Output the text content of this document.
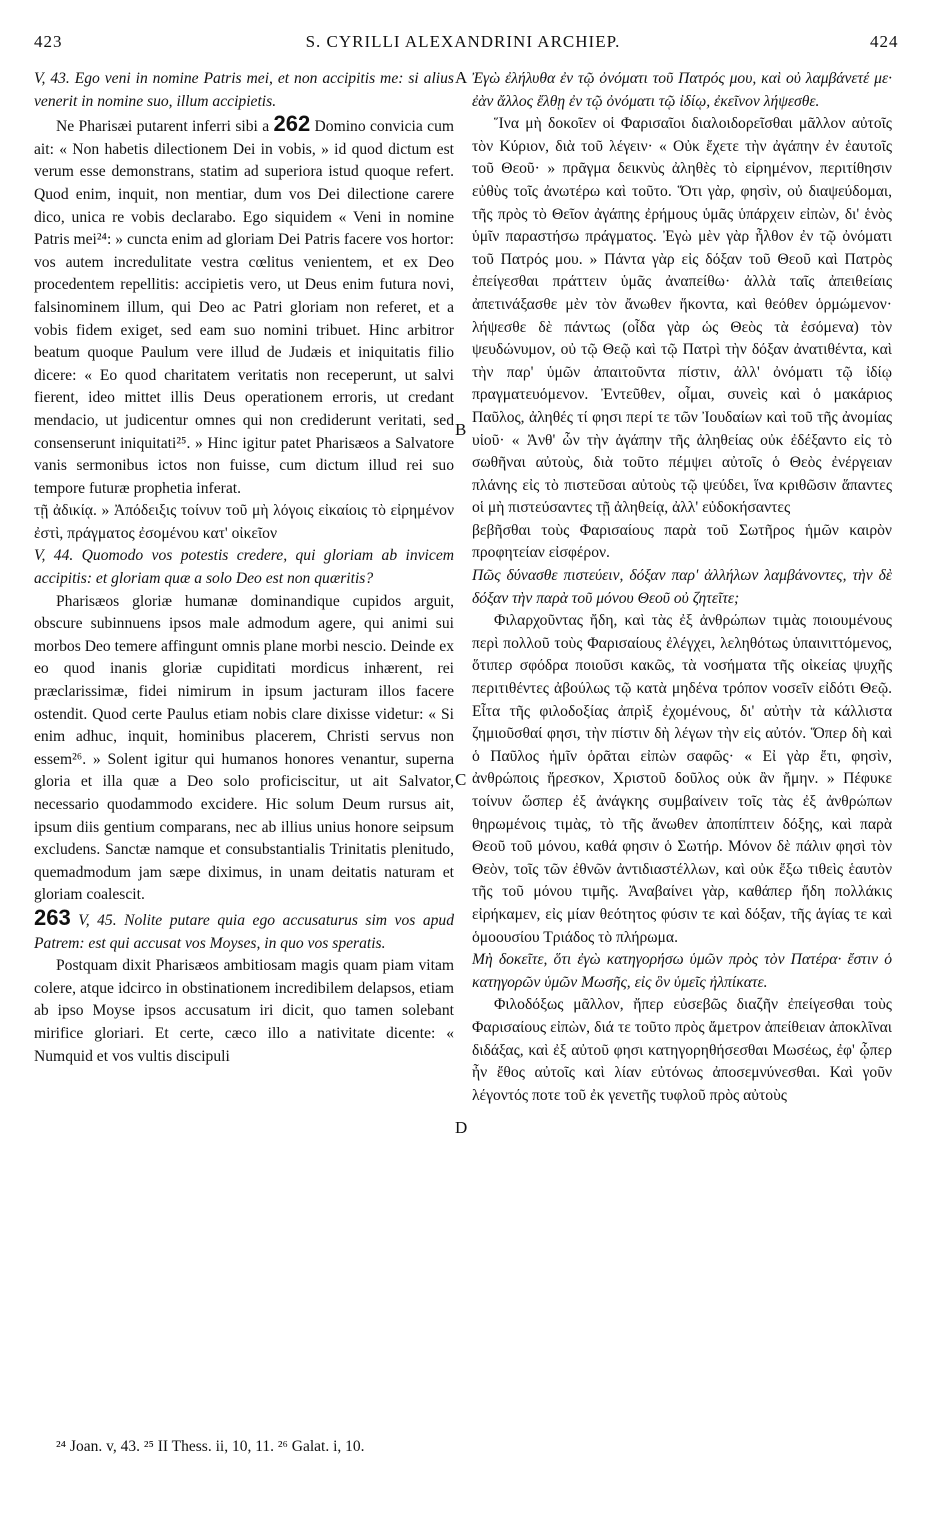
423	S. CYRILLI ALEXANDRINI ARCHIEP.	424
A
B
C
D

V, 43. Ego veni in nomine Patris mei, et non accipitis me: si alius venerit in nomine suo, illum accipietis.

Ne Pharisæi putarent inferri sibi a 262 Domino convicia cum ait: « Non habetis dilectionem Dei in vobis, » id quod dictum est verum esse demonstrans, statim ad superiora istud quoque refert. Quod enim, inquit, non mentiar, dum vos Dei dilectione carere dico, unica re vobis declarabo. Ego siquidem « Veni in nomine Patris mei²⁴: » cuncta enim ad gloriam Dei Patris facere vos hortor: vos autem incredulitate vestra cœlitus venientem, et ex Deo procedentem repellitis: accipietis vero, ut Deus enim futura novi, falsinominem illum, qui Deo ac Patri gloriam non referet, et a vobis fidem exiget, sed eam suo nomini tribuet. Hinc arbitror beatum quoque Paulum vere illud de Judæis et iniquitatis filio dicere: « Eo quod charitatem veritatis non receperunt, ut salvi fierent, ideo mittet illis Deus operationem erroris, ut credant mendacio, ut judicentur omnes qui non crediderunt veritati, sed consenserunt iniquitati²⁵. » Hinc igitur patet Pharisæos a Salvatore vanis sermonibus ictos non fuisse, cum dictum illud rei suo tempore futuræ prophetia inferat.

τῇ ἀδικίᾳ. » Ἀπόδειξις τοίνυν τοῦ μὴ λόγοις εἰκαίοις τὸ εἰρημένον ἐστὶ, πράγματος ἐσομένου κατ' οἰκεῖον

V, 44. Quomodo vos potestis credere, qui gloriam ab invicem accipitis: et gloriam quæ a solo Deo est non quæritis?

Pharisæos gloriæ humanæ dominandique cupidos arguit, obscure subinnuens ipsos male admodum agere, qui animi sui morbos Deo temere affingunt omnis plane morbi nescio. Deinde ex eo quod inanis gloriæ cupiditati mordicus inhærent, rei præclarissimæ, fidei nimirum in ipsum jacturam illos facere ostendit. Quod certe Paulus etiam nobis clare dixisse videtur: « Si enim adhuc, inquit, hominibus placerem, Christi servus non essem²⁶. » Solent igitur qui humanos honores venantur, superna gloria et illa quæ a Deo solo proficiscitur, ut ait Salvator, necessario quodammodo excidere. Hic solum Deum rursus ait, ipsum diis gentium comparans, nec ab illius unius honore seipsum excludens. Sanctæ namque et consubstantialis Trinitatis plenitudo, quemadmodum jam sæpe diximus, in unam deitatis naturam et gloriam coalescit.

263 V, 45. Nolite putare quia ego accusaturus sim vos apud Patrem: est qui accusat vos Moyses, in quo vos speratis.

Postquam dixit Pharisæos ambitiosam magis quam piam vitam colere, atque idcirco in obstinationem incredibilem delapsos, etiam ab ipso Moyse ipsos accusatum iri dicit, quo tamen solebant mirifice gloriari. Et certe, cæco illo a nativitate dicente: « Numquid et vos vultis discipuli

Ἐγὼ ἐλήλυθα ἐν τῷ ὀνόματι τοῦ Πατρός μου, καὶ οὐ λαμβάνετέ με· ἐὰν ἄλλος ἔλθῃ ἐν τῷ ὀνόματι τῷ ἰδίῳ, ἐκεῖνον λήψεσθε.

Ἵνα μὴ δοκοῖεν οἱ Φαρισαῖοι διαλοιδορεῖσθαι μᾶλλον αὐτοῖς τὸν Κύριον, διὰ τοῦ λέγειν· « Οὐκ ἔχετε τὴν ἀγάπην ἐν ἑαυτοῖς τοῦ Θεοῦ· » πρᾶγμα δεικνὺς ἀληθὲς τὸ εἰρημένον, περιτίθησιν εὐθὺς τοῖς ἀνωτέρω καὶ τοῦτο. Ὅτι γὰρ, φησὶν, οὐ διαψεύδομαι, τῆς πρὸς τὸ Θεῖον ἀγάπης ἐρήμους ὑμᾶς ὑπάρχειν εἰπὼν, δι' ἑνὸς ὑμῖν παραστήσω πράγματος. Ἐγὼ μὲν γὰρ ἦλθον ἐν τῷ ὀνόματι τοῦ Πατρός μου. » Πάντα γὰρ εἰς δόξαν τοῦ Θεοῦ καὶ Πατρὸς ἐπείγεσθαι πράττειν ὑμᾶς ἀναπείθω· ἀλλὰ ταῖς ἀπειθείαις ἀπετινάξασθε μὲν τὸν ἄνωθεν ἥκοντα, καὶ θεόθεν ὁρμώμενον· λήψεσθε δὲ πάντως (οἶδα γὰρ ὡς Θεὸς τὰ ἐσόμενα) τὸν ψευδώνυμον, οὐ τῷ Θεῷ καὶ τῷ Πατρὶ τὴν δόξαν ἀνατιθέντα, καὶ τὴν παρ' ὑμῶν ἀπαιτοῦντα πίστιν, ἀλλ' ὀνόματι τῷ ἰδίῳ πραγματευόμενον. Ἐντεῦθεν, οἶμαι, συνεὶς καὶ ὁ μακάριος Παῦλος, ἀληθές τί φησι περί τε τῶν Ἰουδαίων καὶ τοῦ τῆς ἀνομίας υἱοῦ· « Ἀνθ' ὧν τὴν ἀγάπην τῆς ἀληθείας οὐκ ἐδέξαντο εἰς τὸ σωθῆναι αὐτοὺς, διὰ τοῦτο πέμψει αὐτοῖς ὁ Θεὸς ἐνέργειαν πλάνης εἰς τὸ πιστεῦσαι αὐτοὺς τῷ ψεύδει, ἵνα κριθῶσιν ἅπαντες οἱ μὴ πιστεύσαντες τῇ ἀληθείᾳ, ἀλλ' εὐδοκήσαντες

βεβῆσθαι τοὺς Φαρισαίους παρὰ τοῦ Σωτῆρος ἡμῶν καιρὸν προφητείαν εἰσφέρον.

Πῶς δύνασθε πιστεύειν, δόξαν παρ' ἀλλήλων λαμβάνοντες, τὴν δὲ δόξαν τὴν παρὰ τοῦ μόνου Θεοῦ οὐ ζητεῖτε;

Φιλαρχοῦντας ἤδη, καὶ τὰς ἐξ ἀνθρώπων τιμὰς ποιουμένους περὶ πολλοῦ τοὺς Φαρισαίους ἐλέγχει, λεληθότως ὑπαινιττόμενος, ὅτιπερ σφόδρα ποιοῦσι κακῶς, τὰ νοσήματα τῆς οἰκείας ψυχῆς περιτιθέντες ἀβούλως τῷ κατὰ μηδένα τρόπον νοσεῖν εἰδότι Θεῷ. Εἶτα τῆς φιλοδοξίας ἀπρὶξ ἐχομένους, δι' αὐτὴν τὰ κάλλιστα ζημιοῦσθαί φησι, τὴν πίστιν δὴ λέγων τὴν εἰς αὐτόν. Ὅπερ δὴ καὶ ὁ Παῦλος ἡμῖν ὁρᾶται εἰπὼν σαφῶς· « Εἰ γὰρ ἔτι, φησὶν, ἀνθρώποις ἤρεσκον, Χριστοῦ δοῦλος οὐκ ἂν ἤμην. » Πέφυκε τοίνυν ὥσπερ ἐξ ἀνάγκης συμβαίνειν τοῖς τὰς ἐξ ἀνθρώπων θηρωμένοις τιμὰς, τὸ τῆς ἄνωθεν ἀποπίπτειν δόξης, καὶ παρὰ Θεοῦ τοῦ μόνου, καθά φησιν ὁ Σωτήρ. Μόνον δὲ πάλιν φησὶ τὸν Θεὸν, τοῖς τῶν ἐθνῶν ἀντιδιαστέλλων, καὶ οὐκ ἔξω τιθεὶς ἑαυτὸν τῆς τοῦ μόνου τιμῆς. Ἀναβαίνει γὰρ, καθάπερ ἤδη πολλάκις εἰρήκαμεν, εἰς μίαν θεότητος φύσιν τε καὶ δόξαν, τῆς ἁγίας τε καὶ ὁμοουσίου Τριάδος τὸ πλήρωμα.

Μὴ δοκεῖτε, ὅτι ἐγὼ κατηγορήσω ὑμῶν πρὸς τὸν Πατέρα· ἔστιν ὁ κατηγορῶν ὑμῶν Μωσῆς, εἰς ὃν ὑμεῖς ἠλπίκατε.

Φιλοδόξως μᾶλλον, ἤπερ εὐσεβῶς διαζῆν ἐπείγεσθαι τοὺς Φαρισαίους εἰπὼν, διά τε τοῦτο πρὸς ἄμετρον ἀπείθειαν ἀποκλῖναι διδάξας, καὶ ἐξ αὐτοῦ φησι κατηγορηθήσεσθαι Μωσέως, ἐφ' ᾧπερ ἦν ἔθος αὐτοῖς καὶ λίαν εὐτόνως ἀποσεμνύνεσθαι. Καὶ γοῦν λέγοντός ποτε τοῦ ἐκ γενετῆς τυφλοῦ πρὸς αὐτοὺς

²⁴ Joan. v, 43. ²⁵ II Thess. ii, 10, 11. ²⁶ Galat. i, 10.
